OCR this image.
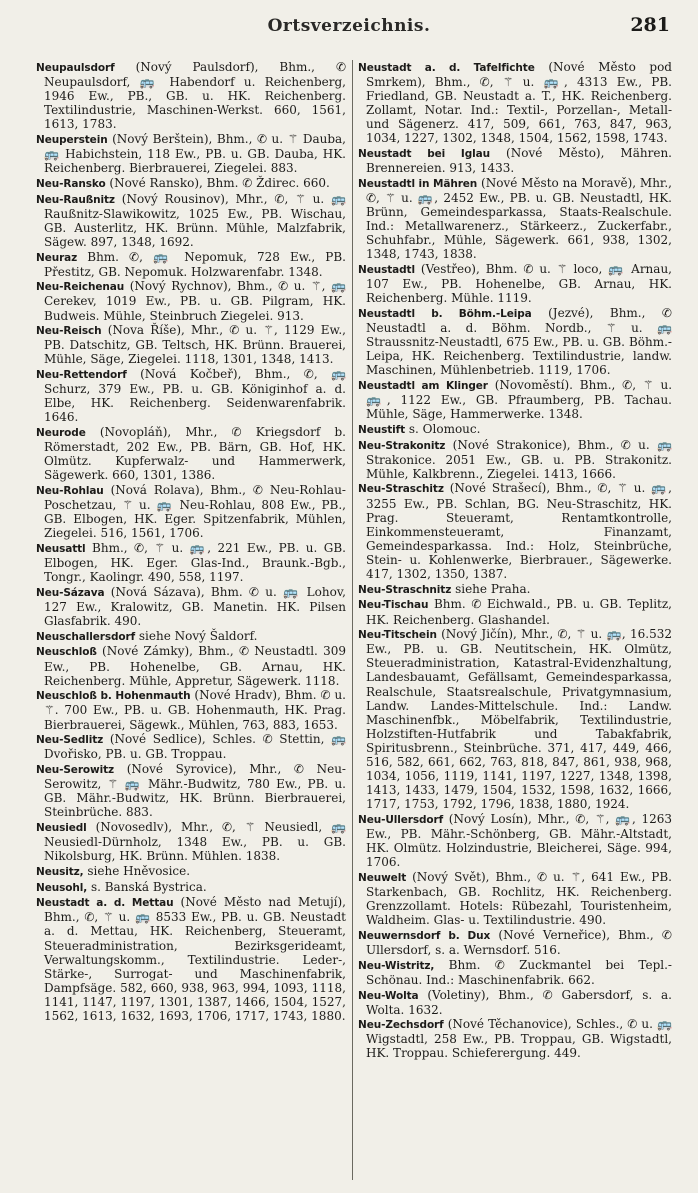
Ortsverzeichnis.	281
Neupaulsdorf (Nový Paulsdorf), Bhm., ✆ Neupaulsdorf, 🚌 Habendorf u. Reichenberg, 1946 Ew., PB., GB. u. HK. Reichenberg. Textilindustrie, Maschinen-Werkst. 660, 1561, 1613, 1783.
Neuperstein (Nový Berštein), Bhm., ✆ u. ⚚ Dauba, 🚌 Habichstein, 118 Ew., PB. u. GB. Dauba, HK. Reichenberg. Bierbrauerei, Ziegelei. 883.
Neu-Ransko (Nové Ransko), Bhm. ✆ Ždirec. 660.
Neu-Raußnitz (Nový Rousinov), Mhr., ✆, ⚚ u. 🚌 Raußnitz-Slawikowitz, 1025 Ew., PB. Wischau, GB. Austerlitz, HK. Brünn. Mühle, Malzfabrik, Sägew. 897, 1348, 1692.
Neuraz Bhm. ✆, 🚌 Nepomuk, 728 Ew., PB. Přestitz, GB. Nepomuk. Holzwarenfabr. 1348.
Neu-Reichenau (Nový Rychnov), Bhm., ✆ u. ⚚, 🚌 Cerekev, 1019 Ew., PB. u. GB. Pilgram, HK. Budweis. Mühle, Steinbruch Ziegelei. 913.
Neu-Reisch (Nova Říše), Mhr., ✆ u. ⚚, 1129 Ew., PB. Datschitz, GB. Teltsch, HK. Brünn. Brauerei, Mühle, Säge, Ziegelei. 1118, 1301, 1348, 1413.
Neu-Rettendorf (Nová Kočbeř), Bhm., ✆, 🚌 Schurz, 379 Ew., PB. u. GB. Königinhof a. d. Elbe, HK. Reichenberg. Seidenwarenfabrik. 1646.
Neurode (Novopláň), Mhr., ✆ Kriegsdorf b. Römerstadt, 202 Ew., PB. Bärn, GB. Hof, HK. Olmütz. Kupferwalz- und Hammerwerk, Sägewerk. 660, 1301, 1386.
Neu-Rohlau (Nová Rolava), Bhm., ✆ Neu-Rohlau-Poschetzau, ⚚ u. 🚌 Neu-Rohlau, 808 Ew., PB., GB. Elbogen, HK. Eger. Spitzenfabrik, Mühlen, Ziegelei. 516, 1561, 1706.
Neusattl Bhm., ✆, ⚚ u. 🚌, 221 Ew., PB. u. GB. Elbogen, HK. Eger. Glas-Ind., Braunk.-Bgb., Tongr., Kaolingr. 490, 558, 1197.
Neu-Sázava (Nová Sázava), Bhm. ✆ u. 🚌 Lohov, 127 Ew., Kralowitz, GB. Manetin. HK. Pilsen Glasfabrik. 490.
Neuschallersdorf siehe Nový Šaldorf.
Neuschloß (Nové Zámky), Bhm., ✆ Neustadtl. 309 Ew., PB. Hohenelbe, GB. Arnau, HK. Reichenberg. Mühle, Appretur, Sägewerk. 1118.
Neuschloß b. Hohenmauth (Nové Hradv), Bhm. ✆ u. ⚚. 700 Ew., PB. u. GB. Hohenmauth, HK. Prag. Bierbrauerei, Sägewk., Mühlen, 763, 883, 1653.
Neu-Sedlitz (Nové Sedlice), Schles. ✆ Stettin, 🚌 Dvořisko, PB. u. GB. Troppau.
Neu-Serowitz (Nové Syrovice), Mhr., ✆ Neu-Serowitz, ⚚ 🚌 Mähr.-Budwitz, 780 Ew., PB. u. GB. Mähr.-Budwitz, HK. Brünn. Bierbrauerei, Steinbrüche. 883.
Neusiedl (Novosedlv), Mhr., ✆, ⚚ Neusiedl, 🚌 Neusiedl-Dürnholz, 1348 Ew., PB. u. GB. Nikolsburg, HK. Brünn. Mühlen. 1838.
Neusitz, siehe Hněvosice.
Neusohl, s. Banská Bystrica.
Neustadt a. d. Mettau (Nové Město nad Metují), Bhm., ✆, ⚚ u. 🚌 8533 Ew., PB. u. GB. Neustadt a. d. Mettau, HK. Reichenberg, Steueramt, Steueradministration, Bezirksgerideamt, Verwaltungskomm., Textilindustrie. Leder-, Stärke-, Surrogat- und Maschinenfabrik, Dampfsäge. 582, 660, 938, 963, 994, 1093, 1118, 1141, 1147, 1197, 1301, 1387, 1466, 1504, 1527, 1562, 1613, 1632, 1693, 1706, 1717, 1743, 1880.
Neustadt a. d. Tafelfichte (Nové Město pod Smrkem), Bhm., ✆, ⚚ u. 🚌, 4313 Ew., PB. Friedland, GB. Neustadt a. T., HK. Reichenberg. Zollamt, Notar. Ind.: Textil-, Porzellan-, Metall- und Sägenerz. 417, 509, 661, 763, 847, 963, 1034, 1227, 1302, 1348, 1504, 1562, 1598, 1743.
Neustadt bei Iglau (Nové Město), Mähren. Brennereien. 913, 1433.
Neustadtl in Mähren (Nové Město na Moravě), Mhr., ✆, ⚚ u. 🚌, 2452 Ew., PB. u. GB. Neustadtl, HK. Brünn, Gemeindesparkassa, Staats-Realschule. Ind.: Metallwarenerz., Stärkeerz., Zuckerfabr., Schuhfabr., Mühle, Sägewerk. 661, 938, 1302, 1348, 1743, 1838.
Neustadtl (Vestřeo), Bhm. ✆ u. ⚚ loco, 🚌 Arnau, 107 Ew., PB. Hohenelbe, GB. Arnau, HK. Reichenberg. Mühle. 1119.
Neustadtl b. Böhm.-Leipa (Jezvé), Bhm., ✆ Neustadtl a. d. Böhm. Nordb., ⚚ u. 🚌 Straussnitz-Neustadtl, 675 Ew., PB. u. GB. Böhm.-Leipa, HK. Reichenberg. Textilindustrie, landw. Maschinen, Mühlenbetrieb. 1119, 1706.
Neustadtl am Klinger (Novoměstí). Bhm., ✆, ⚚ u. 🚌, 1122 Ew., GB. Pfraumberg, PB. Tachau. Mühle, Säge, Hammerwerke. 1348.
Neustift s. Olomouc.
Neu-Strakonitz (Nové Strakonice), Bhm., ✆ u. 🚌 Strakonice. 2051 Ew., GB. u. PB. Strakonitz. Mühle, Kalkbrenn., Ziegelei. 1413, 1666.
Neu-Straschitz (Nové Strašecí), Bhm., ✆, ⚚ u. 🚌, 3255 Ew., PB. Schlan, BG. Neu-Straschitz, HK. Prag. Steueramt, Rentamtkontrolle, Einkommensteueramt, Finanzamt, Gemeindesparkassa. Ind.: Holz, Steinbrüche, Stein- u. Kohlenwerke, Bierbrauer., Sägewerke. 417, 1302, 1350, 1387.
Neu-Straschnitz siehe Praha.
Neu-Tischau Bhm. ✆ Eichwald., PB. u. GB. Teplitz, HK. Reichenberg. Glashandel.
Neu-Titschein (Nový Jičín), Mhr., ✆, ⚚ u. 🚌, 16.532 Ew., PB. u. GB. Neutitschein, HK. Olmütz, Steueradministration, Katastral-Evidenzhaltung, Landesbauamt, Gefällsamt, Gemeindesparkassa, Realschule, Staatsrealschule, Privatgymnasium, Landw. Landes-Mittelschule. Ind.: Landw. Maschinenfbk., Möbelfabrik, Textilindustrie, Holzstiften-Hutfabrik und Tabakfabrik, Spiritusbrenn., Steinbrüche. 371, 417, 449, 466, 516, 582, 661, 662, 763, 818, 847, 861, 938, 968, 1034, 1056, 1119, 1141, 1197, 1227, 1348, 1398, 1413, 1433, 1479, 1504, 1532, 1598, 1632, 1666, 1717, 1753, 1792, 1796, 1838, 1880, 1924.
Neu-Ullersdorf (Nový Losín), Mhr., ✆, ⚚, 🚌, 1263 Ew., PB. Mähr.-Schönberg, GB. Mähr.-Altstadt, HK. Olmütz. Holzindustrie, Bleicherei, Säge. 994, 1706.
Neuwelt (Nový Svět), Bhm., ✆ u. ⚚, 641 Ew., PB. Starkenbach, GB. Rochlitz, HK. Reichenberg. Grenzzollamt. Hotels: Rübezahl, Touristenheim, Waldheim. Glas- u. Textilindustrie. 490.
Neuwernsdorf b. Dux (Nové Verneřice), Bhm., ✆ Ullersdorf, s. a. Wernsdorf. 516.
Neu-Wistritz, Bhm. ✆ Zuckmantel bei Tepl.-Schönau. Ind.: Maschinenfabrik. 662.
Neu-Wolta (Voletiny), Bhm., ✆ Gabersdorf, s. a. Wolta. 1632.
Neu-Zechsdorf (Nové Těchanovice), Schles., ✆ u. 🚌 Wigstadtl, 258 Ew., PB. Troppau, GB. Wigstadtl, HK. Troppau. Schieferergung. 449.
